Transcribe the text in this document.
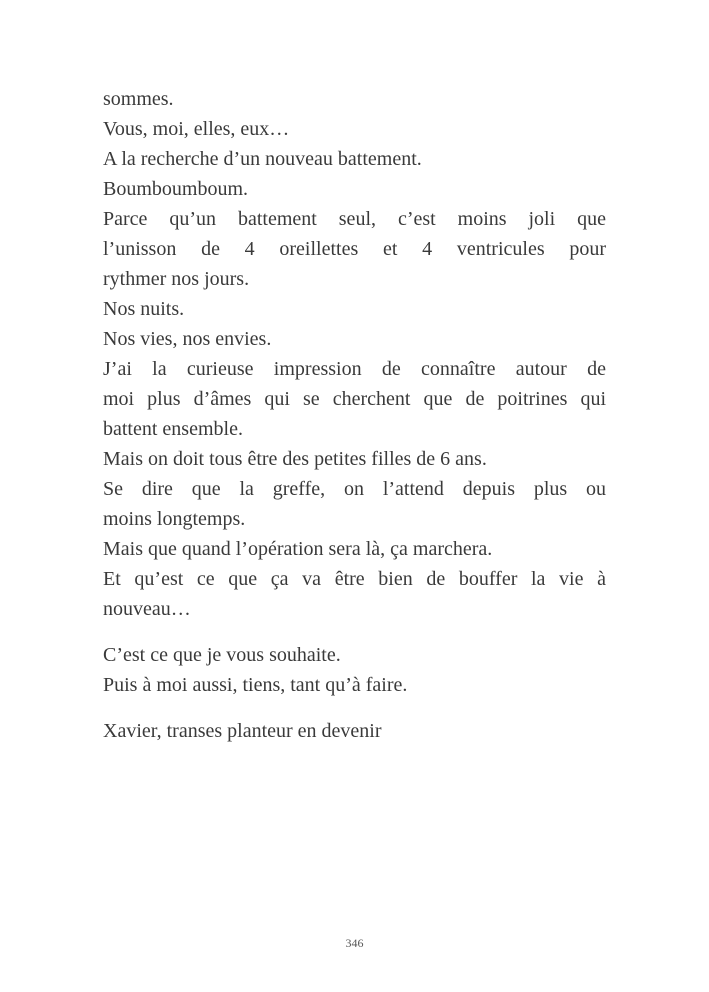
sommes.
Vous, moi, elles, eux…
A la recherche d’un nouveau battement.
Boumboumboum.
Parce qu’un battement seul, c’est moins joli que
l’unisson de 4 oreillettes et 4 ventricules pour
rythmer nos jours.
Nos nuits.
Nos vies, nos envies.
J’ai la curieuse impression de connaître autour de
moi plus d’âmes qui se cherchent que de poitrines qui
battent ensemble.
Mais on doit tous être des petites filles de 6 ans.
Se dire que la greffe, on l’attend depuis plus ou
moins longtemps.
Mais que quand l’opération sera là, ça marchera.
Et qu’est ce que ça va être bien de bouffer la vie à
nouveau…
C’est ce que je vous souhaite.
Puis à moi aussi, tiens, tant qu’à faire.
Xavier, transes planteur en devenir
346
